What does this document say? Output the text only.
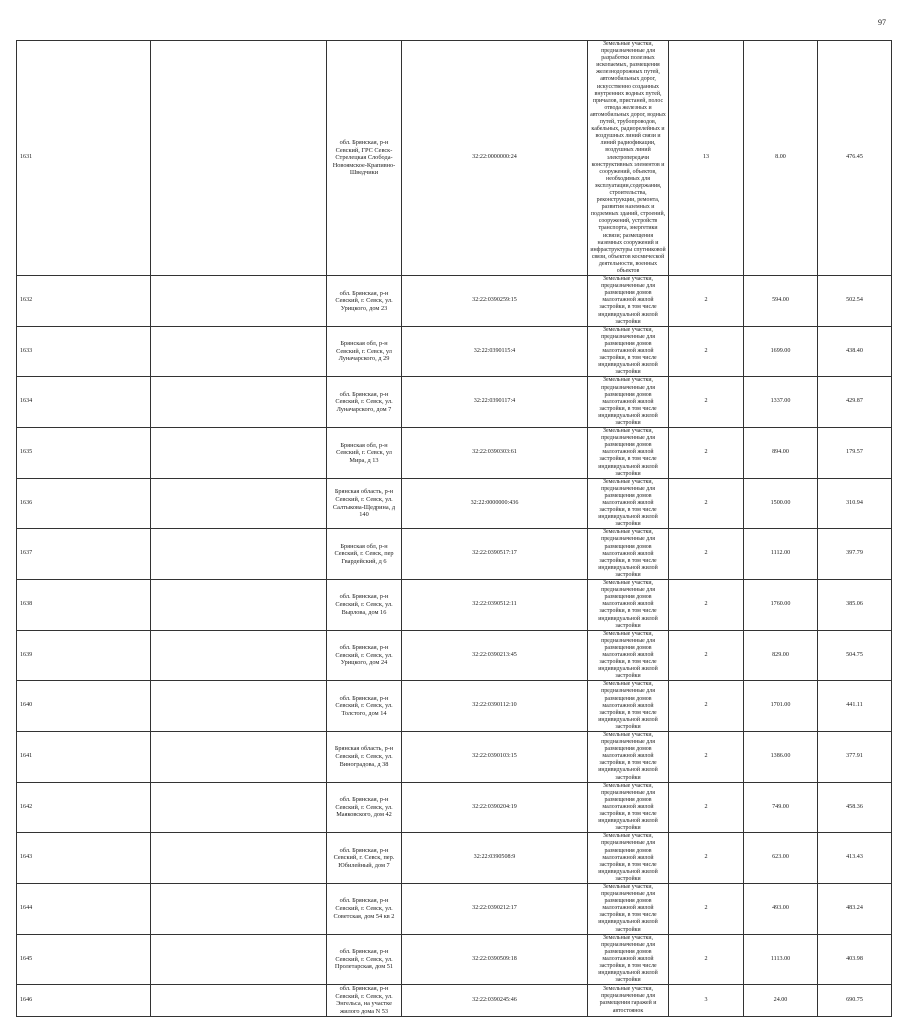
97
1631		обл. Брянская, р-н Севский, ГРС Севск-Стрелецкая Слобода-Новоямское-Крапивно-Шведчики	32:22:0000000:24	Земельные участки, предназначенные для разработки полезных ископаемых, размещения железнодорожных путей, автомобильных дорог, искусственно созданных внутренних водных путей, причалов, пристаней, полос отвода железных и автомобильных дорог, водных путей, трубопроводов, кабельных, радиорелейных и воздушных линий связи и линий радиофикации, воздушных линий электропередачи конструктивных элементов и сооружений, объектов, необходимых для эксплуатации,содержания, строительства, реконструкции, ремонта, развития наземных и подземных зданий, строений, сооружений, устройств транспорта, энергетики исвязи; размещения наземных сооружений и инфраструктуры спутниковой связи, объектов космической деятельности, военных объектов	13	8.00	476.45	
1632		обл. Брянская, р-н Севский, г. Севск, ул. Урицкого, дом 23	32:22:0390259:15	Земельные участки, предназначенные для размещения домов малоэтажной жилой застройки, в том числе индивидуальной жилой застройки	2	594.00	502.54	
1633		Брянская обл, р-н Севский, г. Севск, ул Луначарского, д 29	32:22:0390115:4	Земельные участки, предназначенные для размещения домов малоэтажной жилой застройки, в том числе индивидуальной жилой застройки	2	1699.00	438.40	
1634		обл. Брянская, р-н Севский, г. Севск, ул. Луначарского, дом 7	32:22:0390117:4	Земельные участки, предназначенные для размещения домов малоэтажной жилой застройки, в том числе индивидуальной жилой застройки	2	1337.00	429.87	
1635		Брянская обл, р-н Севский, г. Севск, ул Мира, д 13	32:22:0390303:61	Земельные участки, предназначенные для размещения домов малоэтажной жилой застройки, в том числе индивидуальной жилой застройки	2	894.00	179.57	
1636		Брянская область, р-н Севский, г. Севск, ул. Салтыкова-Щедрина, д 140	32:22:0000000:436	Земельные участки, предназначенные для размещения домов малоэтажной жилой застройки, в том числе индивидуальной жилой застройки	2	1500.00	310.94	
1637		Брянская обл, р-н Севский, г. Севск, пер Гвардейский, д 6	32:22:0390517:17	Земельные участки, предназначенные для размещения домов малоэтажной жилой застройки, в том числе индивидуальной жилой застройки	2	1112.00	397.79	
1638		обл. Брянская, р-н Севский, г. Севск, ул. Вырлова, дом 16	32:22:0390512:11	Земельные участки, предназначенные для размещения домов малоэтажной жилой застройки, в том числе индивидуальной жилой застройки	2	1760.00	385.06	
1639		обл. Брянская, р-н Севский, г. Севск, ул. Урицкого, дом 24	32:22:0390213:45	Земельные участки, предназначенные для размещения домов малоэтажной жилой застройки, в том числе индивидуальной жилой застройки	2	829.00	504.75	
1640		обл. Брянская, р-н Севский, г. Севск, ул. Толстого, дом 14	32:22:0390112:10	Земельные участки, предназначенные для размещения домов малоэтажной жилой застройки, в том числе индивидуальной жилой застройки	2	1701.00	441.11	
1641		Брянская область, р-н Севский, г. Севск, ул. Виноградова, д 38	32:22:0390103:15	Земельные участки, предназначенные для размещения домов малоэтажной жилой застройки, в том числе индивидуальной жилой застройки	2	1386.00	377.91	
1642		обл. Брянская, р-н Севский, г. Севск, ул. Маяковского, дом 42	32:22:0390204:19	Земельные участки, предназначенные для размещения домов малоэтажной жилой застройки, в том числе индивидуальной жилой застройки	2	749.00	458.36	
1643		обл. Брянская, р-н Севский, г. Севск, пер. Юбилейный, дом 7	32:22:0390508:9	Земельные участки, предназначенные для размещения домов малоэтажной жилой застройки, в том числе индивидуальной жилой застройки	2	623.00	413.43	
1644		обл. Брянская, р-н Севский, г. Севск, ул. Советская, дом 54 кв 2	32:22:0390212:17	Земельные участки, предназначенные для размещения домов малоэтажной жилой застройки, в том числе индивидуальной жилой застройки	2	493.00	483.24	
1645		обл. Брянская, р-н Севский, г. Севск, ул. Пролетарская, дом 51	32:22:0390509:18	Земельные участки, предназначенные для размещения домов малоэтажной жилой застройки, в том числе индивидуальной жилой застройки	2	1113.00	403.98	
1646		обл. Брянская, р-н Севский, г. Севск, ул. Энгельса, на участке жилого дома N 53	32:22:0390245:46	Земельные участки, предназначенные для размещения гаражей и автостоянок	3	24.00	690.75	
